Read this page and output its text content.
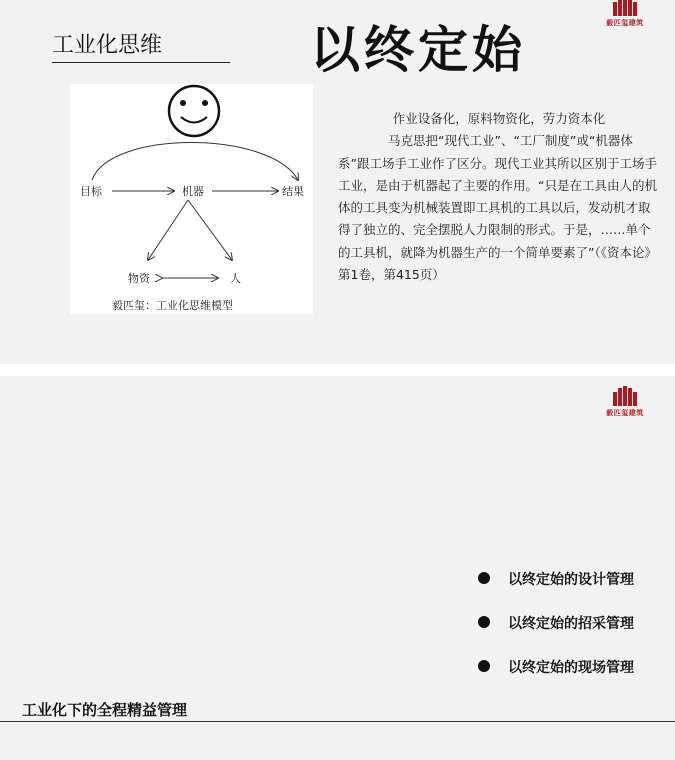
毅匹玺建筑
工业化思维	以终定始
目标	机器	结果
物资	人
毅匹玺：工业化思维模型

作业设备化，原料物资化，劳力资本化

马克思把“现代工业”、“工厂制度”或“机器体系”跟工场手工业作了区分。现代工业其所以区别于工场手工业，是由于机器起了主要的作用。“只是在工具由人的机体的工具变为机械装置即工具机的工具以后，发动机才取得了独立的、完全摆脱人力限制的形式。于是，……单个的工具机，就降为机器生产的一个简单要素了”（《资本论》第1卷，第415页）

毅匹玺建筑
以终定始的设计管理
以终定始的招采管理
以终定始的现场管理
工业化下的全程精益管理
